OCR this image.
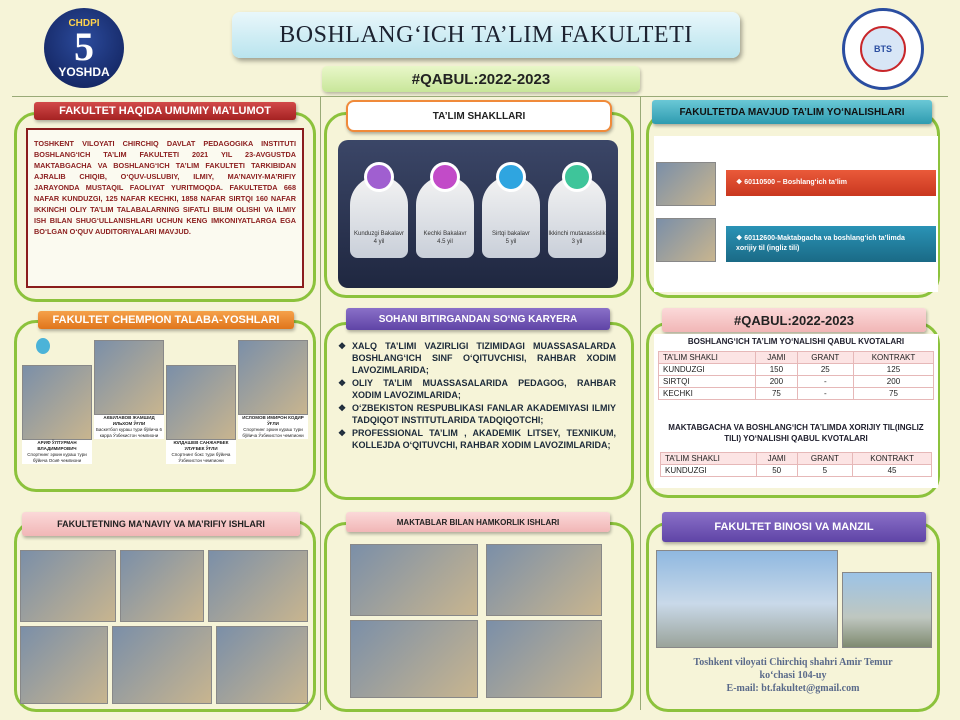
CHDPI
5
YOSHDA
BOSHLANG‘ICH TA’LIM FAKULTETI
BTS
#QABUL:2022-2023
FAKULTET HAQIDA UMUMIY MA’LUMOT
TOSHKENT VILOYATI CHIRCHIQ DAVLAT PEDAGOGIKA INSTITUTI BOSHLANG‘ICH TA’LIM FAKULTETI 2021 YIL 23-AVGUSTDA MAKTABGACHA VA BOSHLANG‘ICH TA’LIM FAKULTETI TARKIBIDAN AJRALIB CHIQIB, O‘QUV-USLUBIY, ILMIY, MA’NAVIY-MA’RIFIY JARAYONDA MUSTAQIL FAOLIYAT YURITMOQDA. FAKULTETDA 668 NAFAR KUNDUZGI, 125 NAFAR KECHKI, 1858 NAFAR SIRTQI 160 NAFAR IKKINCHI OLIY TA’LIM TALABALARNING SIFATLI BILIM OLISHI VA ILMIY ISH BILAN SHUG‘ULLANISHLARI UCHUN KENG IMKONIYATLARGA EGA BO‘LGAN O‘QUV AUDITORIYALARI MAVJUD.
FAKULTET CHEMPION TALABA-YOSHLARI
АРИФ ЎЛТУРМАН ВЛАДИМИРОВИЧ
Спортнинг эркин кураш тури бўйича Осиё чемпиони
АКБУЛАВОВ ЖАМШИД ИЛЬХОМ ЎҒЛИ
Баскетбол кураш тури бўйича 6 карра Ўзбекистон чемпиони
ЮЛДАШЕВ САНЖАРБЕК УЛУҒБЕК ЎҒЛИ
Спортнинг бокс тури бўйича Ўзбекистон чемпиони
ИСЛОМОВ ИМИРОН КОДИР ЎҒЛИ
Спортнинг эркин кураш тури бўйича Ўзбекистон чемпиони
FAKULTETNING MA’NAVIY VA MA’RIFIY ISHLARI
TA’LIM SHAKLLARI
Kunduzgi Bakalavr
4 yil
Kechki Bakalavr
4.5 yil
Sirtqi bakalavr
5 yil
Ikkinchi mutaxassislik
3 yil
SOHANI BITIRGANDAN SO‘NG KARYERA
❖ XALQ TA’LIMI VAZIRLIGI TIZIMIDAGI MUASSASALARDA BOSHLANG‘ICH SINF O‘QITUVCHISI, RAHBAR XODIM LAVOZIMLARIDA;
❖ OLIY TA’LIM MUASSASALARIDA PEDAGOG, RAHBAR XODIM LAVOZIMLARIDA;
❖ O‘ZBEKISTON RESPUBLIKASI FANLAR AKADEMIYASI ILMIY TADQIQOT INSTITUTLARIDA TADQIQOTCHI;
❖ PROFESSIONAL TA’LIM , AKADEMIK LITSEY, TEXNIKUM, KOLLEJDA O‘QITUVCHI, RAHBAR XODIM LAVOZIMLARIDA;
MAKTABLAR BILAN HAMKORLIK ISHLARI
FAKULTETDA MAVJUD TA’LIM YO‘NALISHLARI
❖ 60110500 – Boshlang‘ich ta’lim
❖ 60112600-Maktabgacha va boshlang‘ich ta’limda xorijiy til (ingliz tili)
#QABUL:2022-2023
BOSHLANG‘ICH TA’LIM YO‘NALISHI QABUL KVOTALARI
TA’LIM SHAKLI	JAMI	GRANT	KONTRAKT
KUNDUZGI	150	25	125
SIRTQI	200	-	200
KECHKI	75	-	75
MAKTABGACHA VA BOSHLANG‘ICH TA’LIMDA XORIJIY TIL(INGLIZ TILI) YO‘NALISHI QABUL KVOTALARI
TA’LIM SHAKLI	JAMI	GRANT	KONTRAKT
KUNDUZGI	50	5	45
FAKULTET BINOSI VA MANZIL
Toshkent viloyati Chirchiq shahri Amir Temur
ko‘chasi 104-uy
E-mail: bt.fakultet@gmail.com
